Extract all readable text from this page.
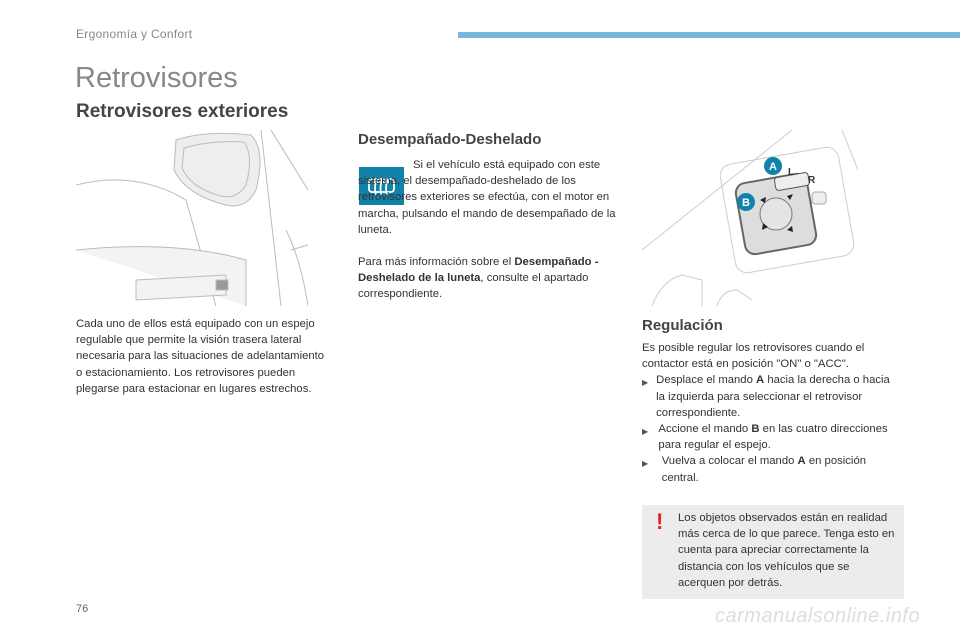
Ergonomía y Confort
Retrovisores
Retrovisores exteriores

Cada uno de ellos está equipado con un espejo regulable que permite la visión trasera lateral necesaria para las situaciones de adelantamiento o estacionamiento. Los retrovisores pueden plegarse para estacionar en lugares estrechos.

Desempañado-Deshelado

Si el vehículo está equipado con este sistema, el desempañado-deshelado de los retrovisores exteriores se efectúa, con el motor en marcha, pulsando el mando de desempañado de la luneta.

Para más información sobre el Desempañado - Deshelado de la luneta, consulte el apartado correspondiente.

L
R
A
B
Regulación

Es posible regular los retrovisores cuando el contactor está en posición "ON" o "ACC".

▶ Desplace el mando A hacia la derecha o hacia la izquierda para seleccionar el retrovisor correspondiente.

▶ Accione el mando B en las cuatro direcciones para regular el espejo.

▶	Vuelva a colocar el mando A en posición central.

! Los objetos observados están en realidad más cerca de lo que parece. Tenga esto en cuenta para apreciar correctamente la distancia con los vehículos que se acerquen por detrás.

76	carmanualsonline.info
